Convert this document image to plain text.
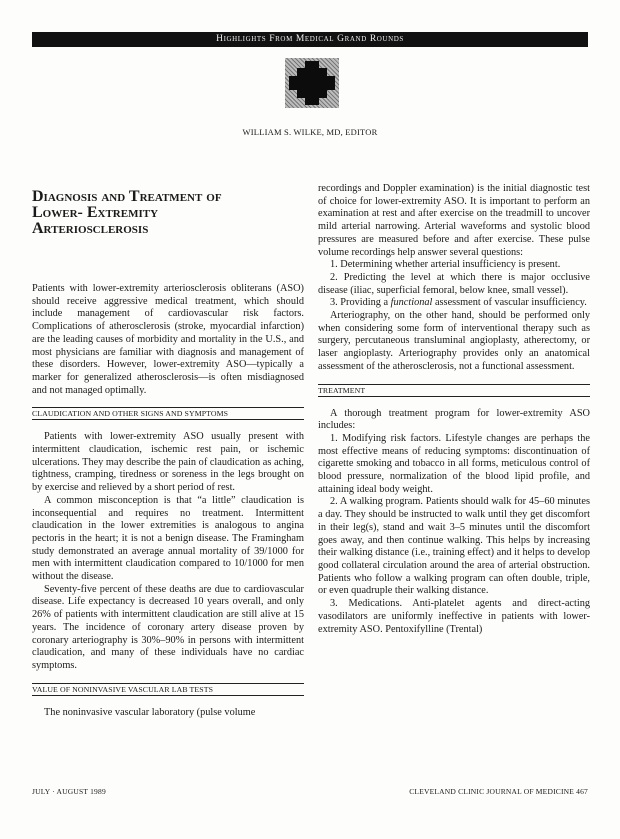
Highlights From Medical Grand Rounds
WILLIAM S. WILKE, MD, EDITOR
Diagnosis and Treatment of Lower- Extremity Arteriosclerosis

Patients with lower-extremity arteriosclerosis obliterans (ASO) should receive aggressive medical treatment, which should include management of cardiovascular risk factors. Complications of atherosclerosis (stroke, myocardial infarction) are the leading causes of morbidity and mortality in the U.S., and most physicians are familiar with diagnosis and management of these disorders. However, lower-extremity ASO—typically a marker for generalized atherosclerosis—is often misdiagnosed and not managed optimally.

CLAUDICATION AND OTHER SIGNS AND SYMPTOMS

Patients with lower-extremity ASO usually present with intermittent claudication, ischemic rest pain, or ischemic ulcerations. They may describe the pain of claudication as aching, tightness, cramping, tiredness or soreness in the legs brought on by exercise and relieved by a short period of rest.

A common misconception is that “a little” claudication is inconsequential and requires no treatment. Intermittent claudication in the lower extremities is analogous to angina pectoris in the heart; it is not a benign disease. The Framingham study demonstrated an average annual mortality of 39/1000 for men with intermittent claudication compared to 10/1000 for men without the disease.

Seventy-five percent of these deaths are due to cardiovascular disease. Life expectancy is decreased 10 years overall, and only 26% of patients with intermittent claudication are still alive at 15 years. The incidence of coronary artery disease proven by coronary arteriography is 30%–90% in persons with intermittent claudication, and many of these individuals have no cardiac symptoms.

VALUE OF NONINVASIVE VASCULAR LAB TESTS

The noninvasive vascular laboratory (pulse volume

recordings and Doppler examination) is the initial diagnostic test of choice for lower-extremity ASO. It is important to perform an examination at rest and after exercise on the treadmill to uncover mild arterial narrowing. Arterial waveforms and systolic blood pressures are measured before and after exercise. These pulse volume recordings help answer several questions:

1. Determining whether arterial insufficiency is present.

2. Predicting the level at which there is major occlusive disease (iliac, superficial femoral, below knee, small vessel).

3. Providing a functional assessment of vascular insufficiency.

Arteriography, on the other hand, should be performed only when considering some form of interventional therapy such as surgery, percutaneous transluminal angioplasty, atherectomy, or laser angioplasty. Arteriography provides only an anatomical assessment of the atherosclerosis, not a functional assessment.

TREATMENT

A thorough treatment program for lower-extremity ASO includes:

1. Modifying risk factors. Lifestyle changes are perhaps the most effective means of reducing symptoms: discontinuation of cigarette smoking and tobacco in all forms, meticulous control of blood pressure, normalization of the blood lipid profile, and attaining ideal body weight.

2. A walking program. Patients should walk for 45–60 minutes a day. They should be instructed to walk until they get discomfort in their leg(s), stand and wait 3–5 minutes until the discomfort goes away, and then continue walking. This helps by increasing their walking distance (i.e., training effect) and it helps to develop good collateral circulation around the area of arterial obstruction. Patients who follow a walking program can often double, triple, or even quadruple their walking distance.

3. Medications. Anti-platelet agents and direct-acting vasodilators are uniformly ineffective in patients with lower-extremity ASO. Pentoxifylline (Trental)

JULY · AUGUST 1989	CLEVELAND CLINIC JOURNAL OF MEDICINE 467
